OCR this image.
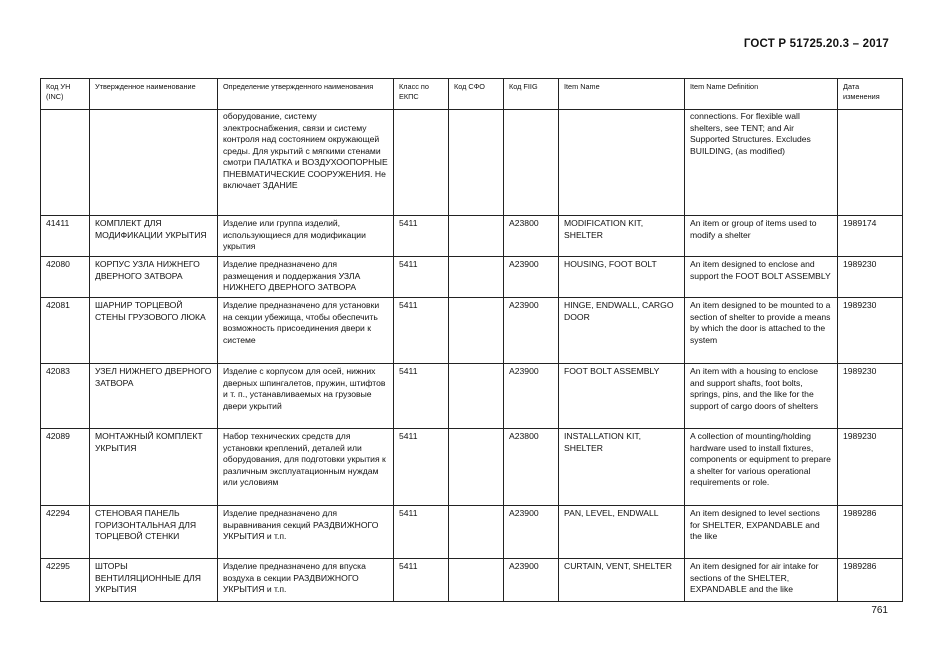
ГОСТ Р 51725.20.3 – 2017
Код УН (INC)	Утвержденное наименование	Определение утвержденного наименования	Класс по ЕКПС	Код СФО	Код FIIG	Item Name	Item Name Definition	Дата изменения
		оборудование, систему электроснабжения, связи и систему контроля над состоянием окружающей среды. Для укрытий с мягкими стенами смотри ПАЛАТКА и ВОЗДУХООПОРНЫЕ ПНЕВМАТИЧЕСКИЕ СООРУЖЕНИЯ. Не включает ЗДАНИЕ					connections. For flexible wall shelters, see TENT; and Air Supported Structures. Excludes BUILDING, (as modified)	
41411	КОМПЛЕКТ ДЛЯ МОДИФИКАЦИИ УКРЫТИЯ	Изделие или группа изделий, использующиеся для модификации укрытия	5411		A23800	MODIFICATION KIT, SHELTER	An item or group of items used to modify a shelter	1989174
42080	КОРПУС УЗЛА НИЖНЕГО ДВЕРНОГО ЗАТВОРА	Изделие предназначено для размещения и поддержания УЗЛА НИЖНЕГО ДВЕРНОГО ЗАТВОРА	5411		A23900	HOUSING, FOOT BOLT	An item designed to enclose and support the FOOT BOLT ASSEMBLY	1989230
42081	ШАРНИР ТОРЦЕВОЙ СТЕНЫ ГРУЗОВОГО ЛЮКА	Изделие предназначено для установки на секции убежища, чтобы обеспечить возможность присоединения двери к системе	5411		A23900	HINGE, ENDWALL, CARGO DOOR	An item designed to be mounted to a section of shelter to provide a means by which the door is attached to the system	1989230
42083	УЗЕЛ НИЖНЕГО ДВЕРНОГО ЗАТВОРА	Изделие с корпусом для осей, нижних дверных шпингалетов, пружин, штифтов и т. п., устанавливаемых на грузовые двери укрытий	5411		A23900	FOOT BOLT ASSEMBLY	An item with a housing to enclose and support shafts, foot bolts, springs, pins, and the like for the support of cargo doors of shelters	1989230
42089	МОНТАЖНЫЙ КОМПЛЕКТ УКРЫТИЯ	Набор технических средств для установки креплений, деталей или оборудования, для подготовки укрытия к различным эксплуатационным нуждам или условиям	5411		A23800	INSTALLATION KIT, SHELTER	A collection of mounting/holding hardware used to install fixtures, components or equipment to prepare a shelter for various operational requirements or role.	1989230
42294	СТЕНОВАЯ ПАНЕЛЬ ГОРИЗОНТАЛЬНАЯ ДЛЯ ТОРЦЕВОЙ СТЕНКИ	Изделие предназначено для выравнивания секций РАЗДВИЖНОГО УКРЫТИЯ и т.п.	5411		A23900	PAN, LEVEL, ENDWALL	An item designed to level sections for SHELTER, EXPANDABLE and the like	1989286
42295	ШТОРЫ ВЕНТИЛЯЦИОННЫЕ ДЛЯ УКРЫТИЯ	Изделие предназначено для впуска воздуха в секции РАЗДВИЖНОГО УКРЫТИЯ и т.п.	5411		A23900	CURTAIN, VENT, SHELTER	An item designed for air intake for sections of the SHELTER, EXPANDABLE and the like	1989286
761
